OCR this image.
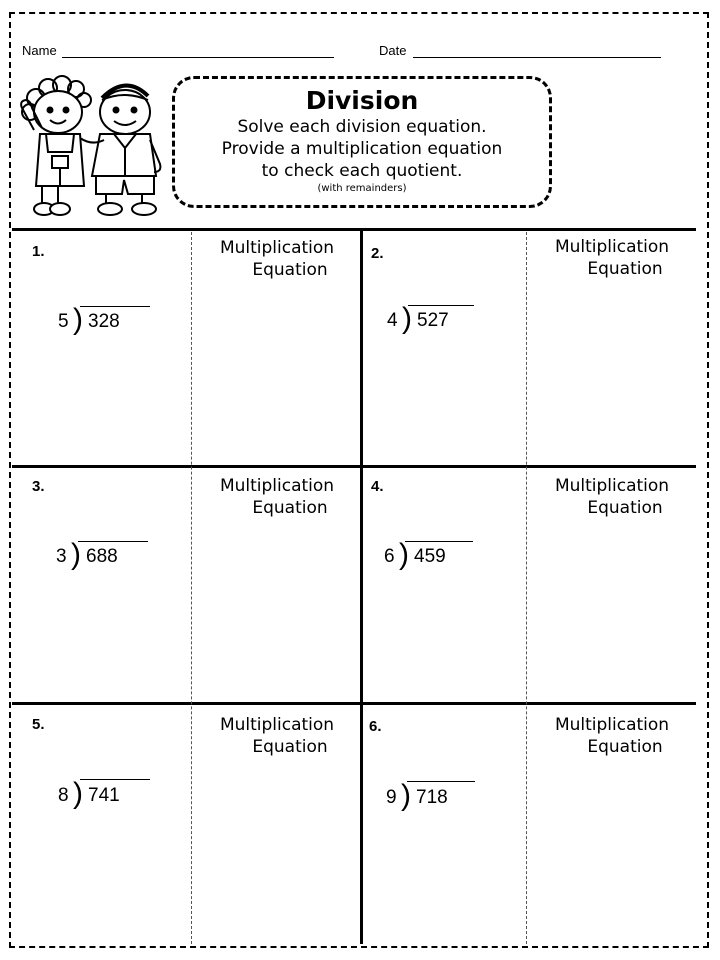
Name	Date
Division
Solve each division equation.
Provide a multiplication equation
to check each quotient.
(with remainders)
1.	Multiplication
Equation
5 ) 328
2.	Multiplication
Equation
4 ) 527
3.	Multiplication
Equation
3 ) 688
4.	Multiplication
Equation
6 ) 459
5.	Multiplication
Equation
8 ) 741
6.	Multiplication
Equation
9 ) 718
